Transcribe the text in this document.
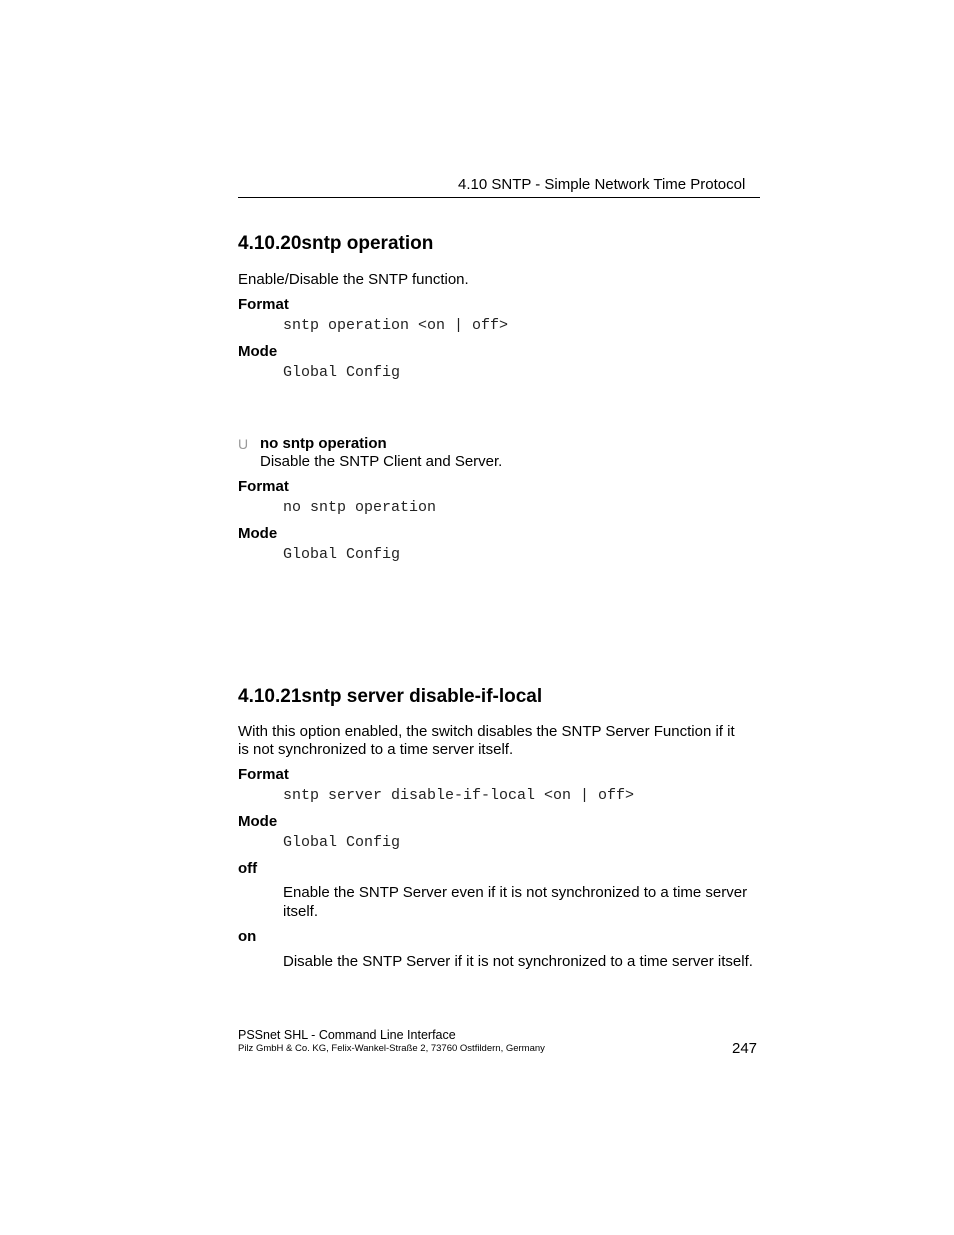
4.10 SNTP - Simple Network Time Protocol
4.10.20sntp operation
Enable/Disable the SNTP function.
Format
sntp operation <on | off>
Mode
Global Config
U no sntp operation
Disable the SNTP Client and Server.
Format
no sntp operation
Mode
Global Config
4.10.21sntp server disable-if-local
With this option enabled, the switch disables the SNTP Server Function if it
is not synchronized to a time server itself.
Format
sntp server disable-if-local <on | off>
Mode
Global Config
off
Enable the SNTP Server even if it is not synchronized to a time server itself.
on
Disable the SNTP Server if it is not synchronized to a time server itself.
PSSnet SHL - Command Line Interface
Pilz GmbH & Co. KG, Felix-Wankel-Straße 2, 73760 Ostfildern, Germany	247
